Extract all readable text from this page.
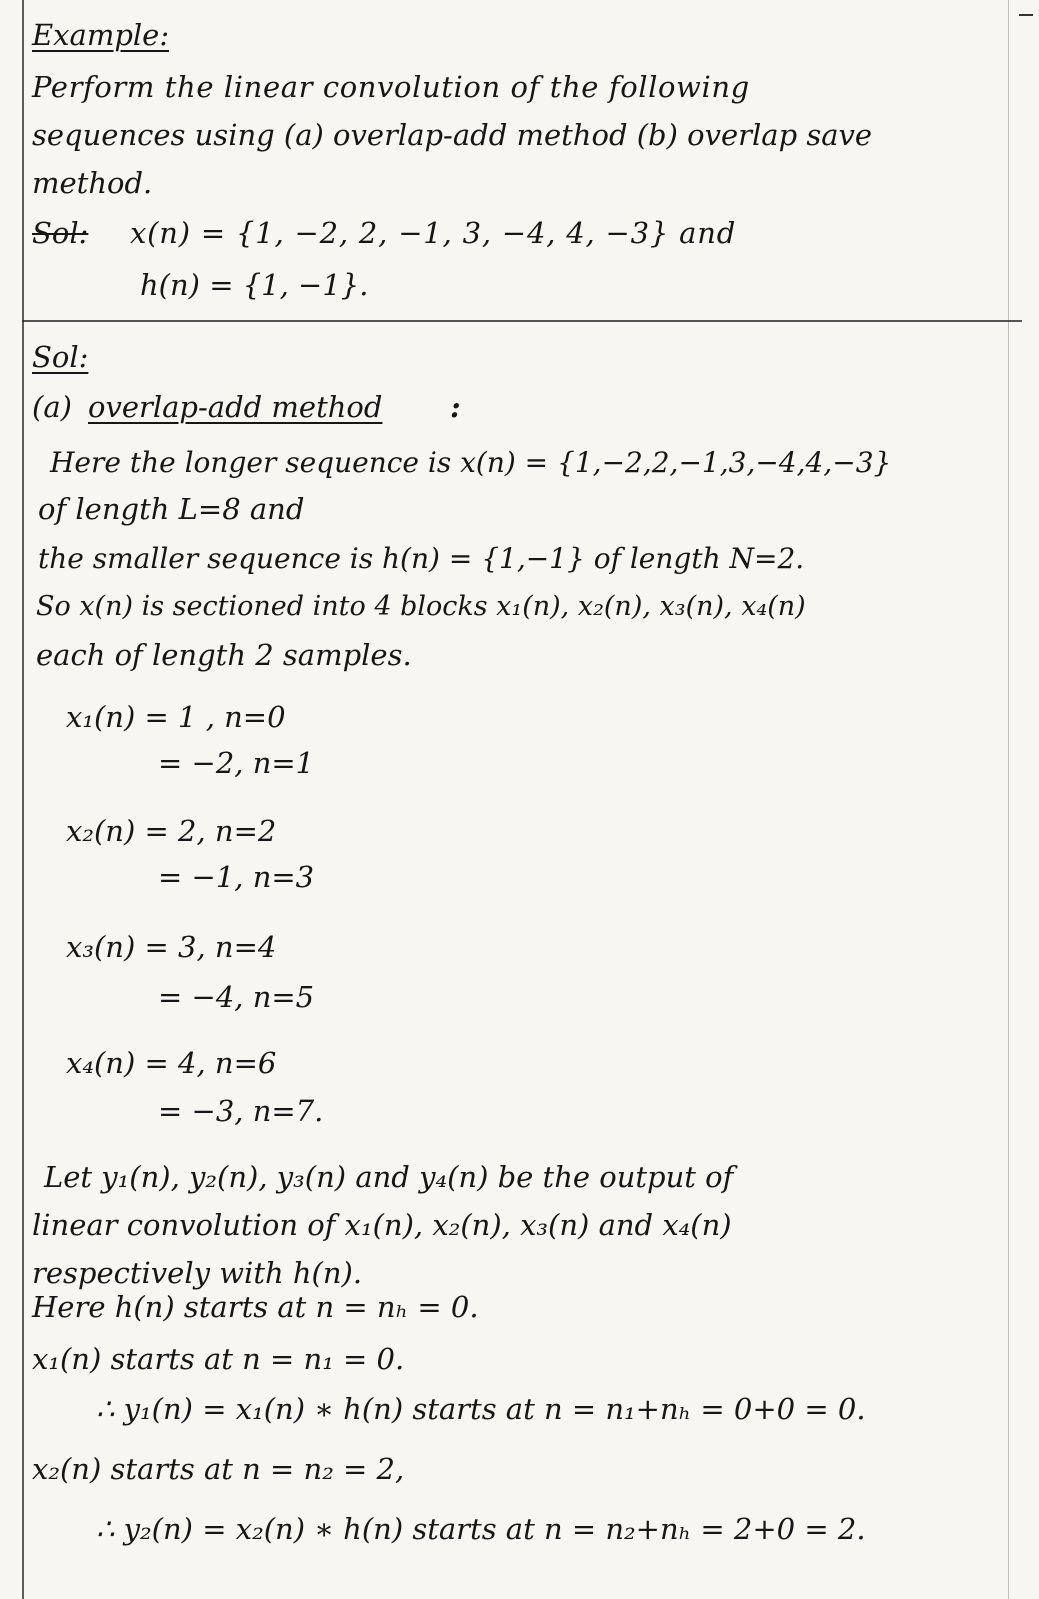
Example:
Perform the linear convolution of the following
sequences using (a) overlap-add method (b) overlap save
method.
Sol: x(n) = {1, −2, 2, −1, 3, −4, 4, −3} and
h(n) = {1, −1}.
Sol:
(a) overlap-add method :
Here the longer sequence is x(n) = {1,−2,2,−1,3,−4,4,−3}
of length L=8 and
the smaller sequence is h(n) = {1,−1} of length N=2.
So x(n) is sectioned into 4 blocks x₁(n), x₂(n), x₃(n), x₄(n)
each of length 2 samples.
x₁(n) = 1 , n=0
= −2, n=1
x₂(n) = 2, n=2
= −1, n=3
x₃(n) = 3, n=4
= −4, n=5
x₄(n) = 4, n=6
= −3, n=7.
Let y₁(n), y₂(n), y₃(n) and y₄(n) be the output of
linear convolution of x₁(n), x₂(n), x₃(n) and x₄(n)
respectively with h(n).
Here h(n) starts at n = nₕ = 0.
x₁(n) starts at n = n₁ = 0.
∴ y₁(n) = x₁(n) ∗ h(n) starts at n = n₁+nₕ = 0+0 = 0.
x₂(n) starts at n = n₂ = 2,
∴ y₂(n) = x₂(n) ∗ h(n) starts at n = n₂+nₕ = 2+0 = 2.
